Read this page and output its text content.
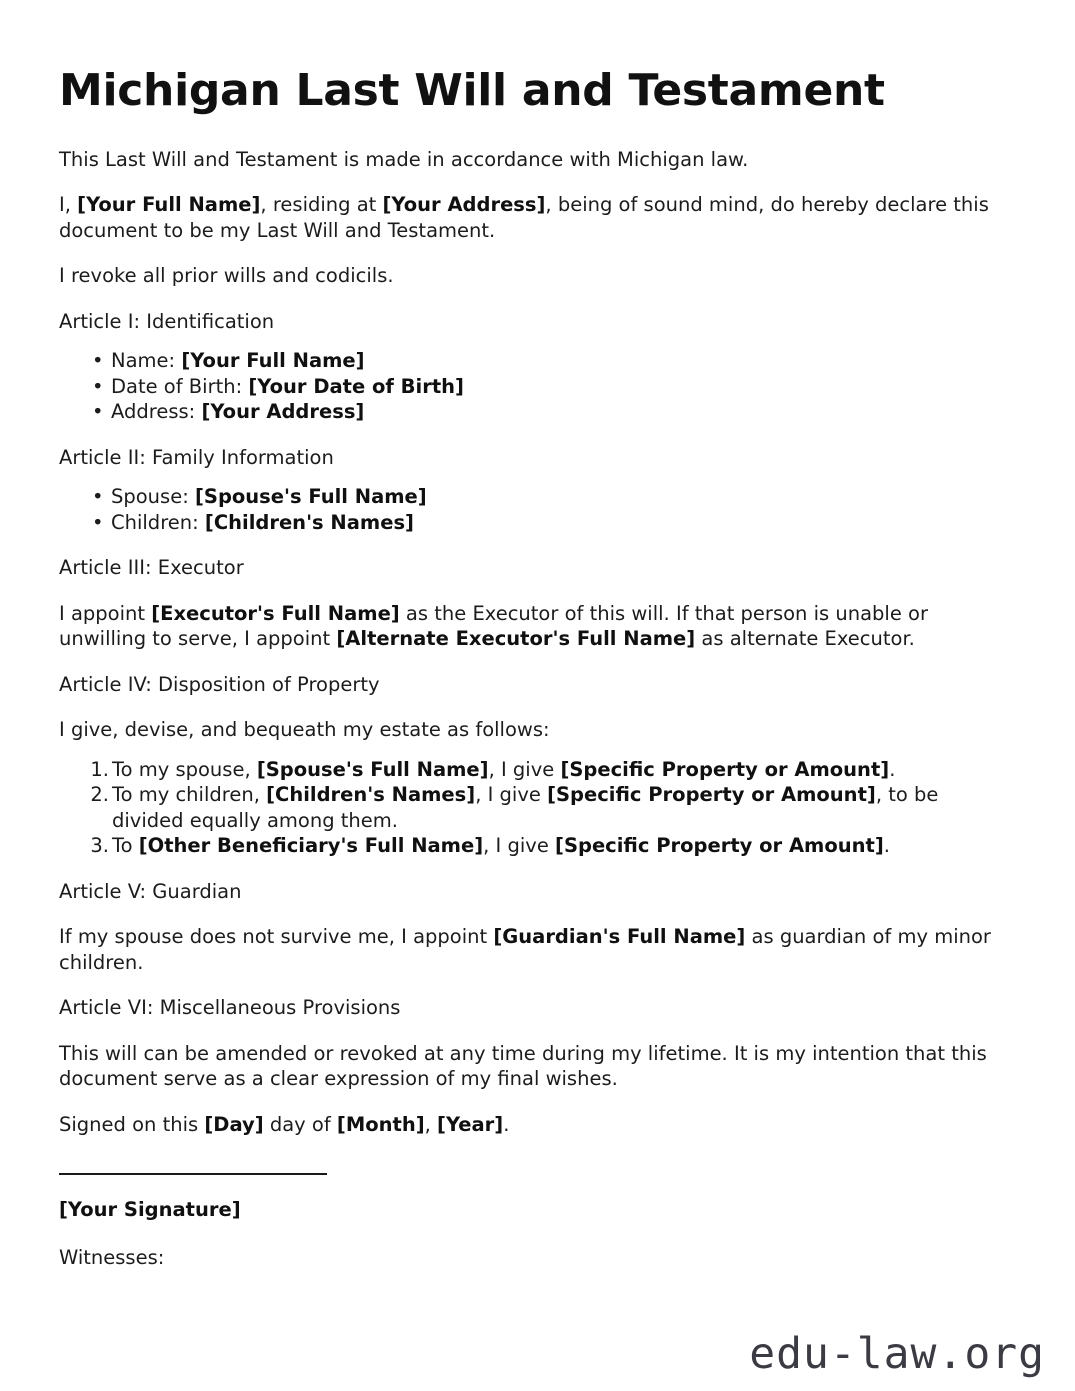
Michigan Last Will and Testament

This Last Will and Testament is made in accordance with Michigan law.

I, [Your Full Name], residing at [Your Address], being of sound mind, do hereby declare this document to be my Last Will and Testament.

I revoke all prior wills and codicils.

Article I: Identification

• Name: [Your Full Name]
• Date of Birth: [Your Date of Birth]
• Address: [Your Address]

Article II: Family Information

• Spouse: [Spouse's Full Name]
• Children: [Children's Names]

Article III: Executor

I appoint [Executor's Full Name] as the Executor of this will. If that person is unable or unwilling to serve, I appoint [Alternate Executor's Full Name] as alternate Executor.

Article IV: Disposition of Property

I give, devise, and bequeath my estate as follows:

To my spouse, [Spouse's Full Name], I give [Specific Property or Amount].
To my children, [Children's Names], I give [Specific Property or Amount], to be divided equally among them.
To [Other Beneficiary's Full Name], I give [Specific Property or Amount].

Article V: Guardian

If my spouse does not survive me, I appoint [Guardian's Full Name] as guardian of my minor children.

Article VI: Miscellaneous Provisions

This will can be amended or revoked at any time during my lifetime. It is my intention that this document serve as a clear expression of my final wishes.

Signed on this [Day] day of [Month], [Year].

[Your Signature]

Witnesses:

edu-law.org
